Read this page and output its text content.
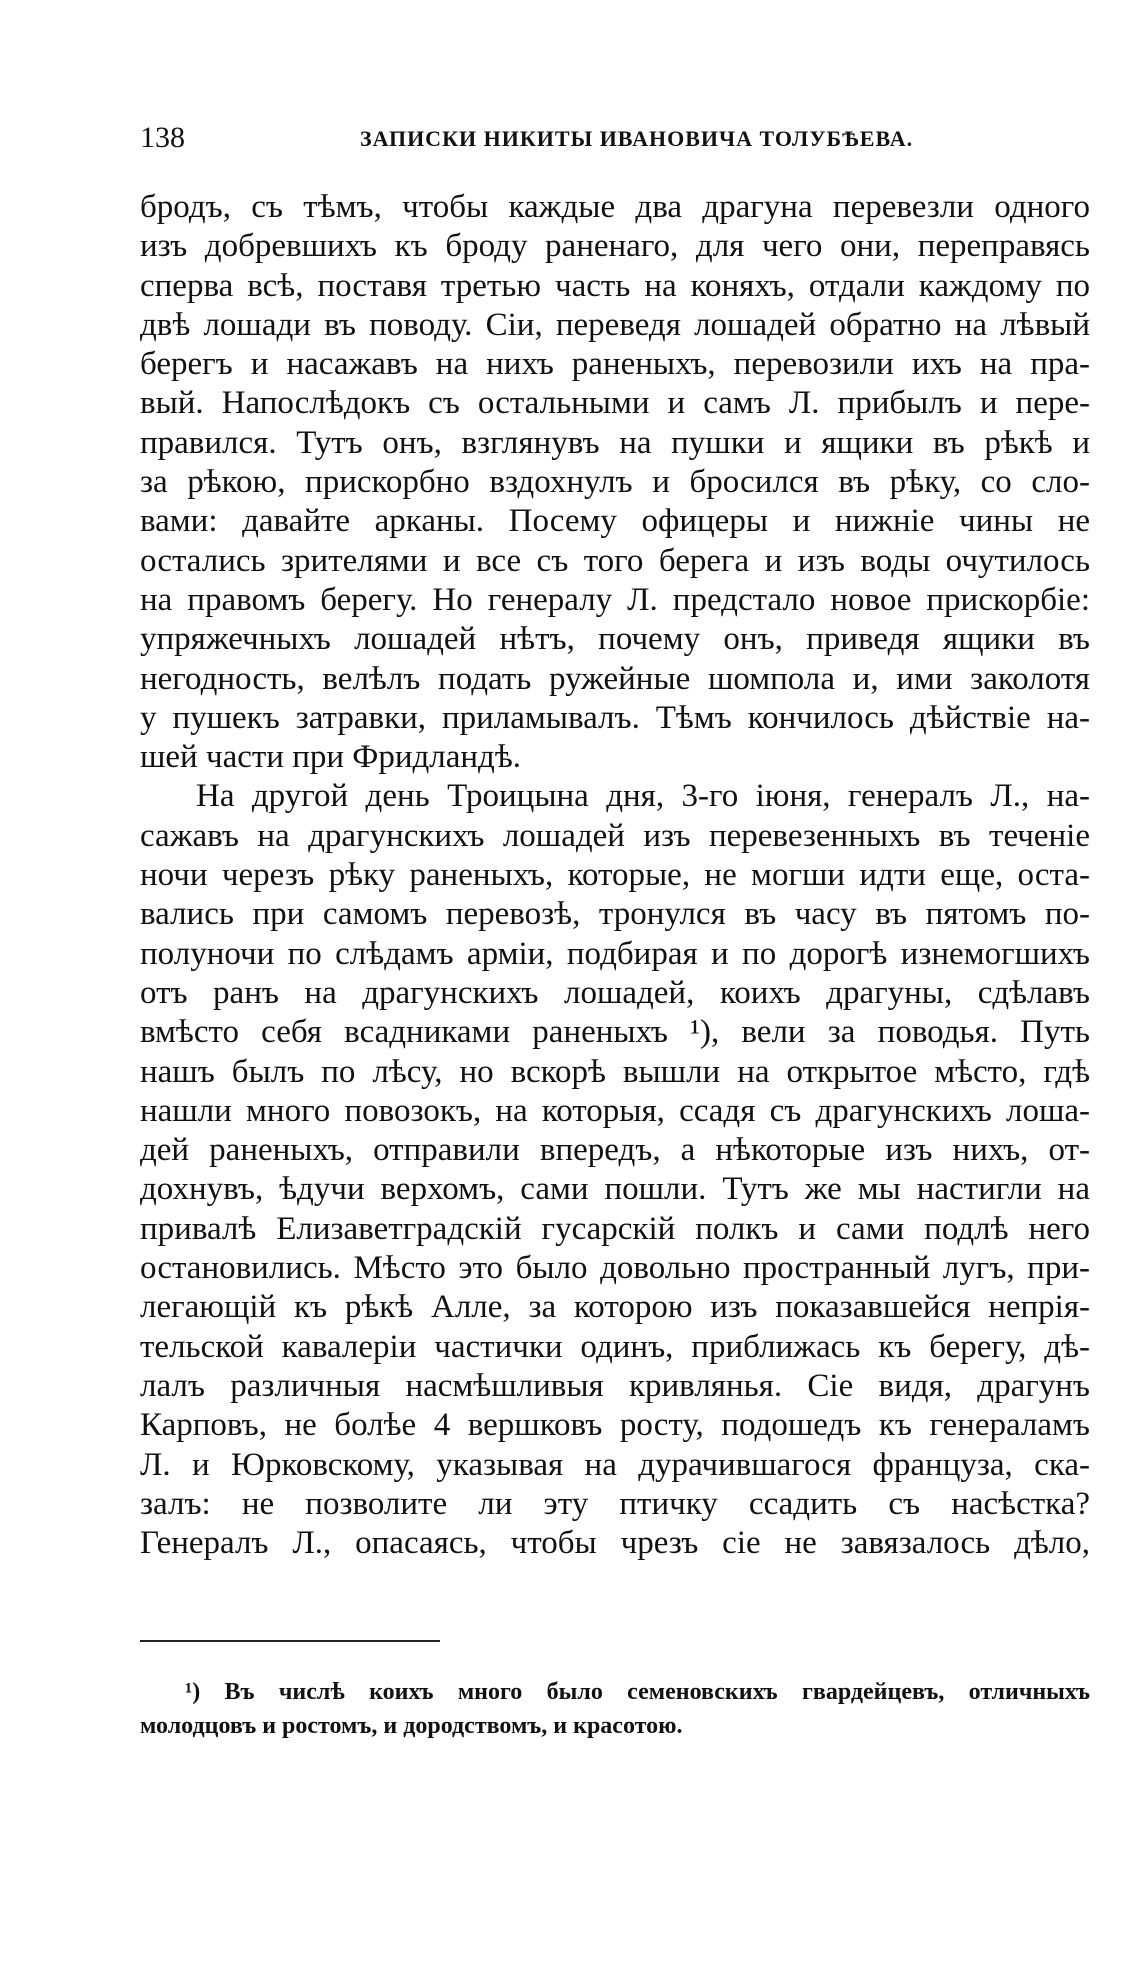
138	ЗАПИСКИ НИКИТЫ ИВАНОВИЧА ТОЛУБѢЕВА.
бродъ, съ тѣмъ, чтобы каждые два драгуна перевезли одного
изъ добревшихъ къ броду раненаго, для чего они, переправясь
сперва всѣ, поставя третью часть на коняхъ, отдали каждому по
двѣ лошади въ поводу. Сіи, переведя лошадей обратно на лѣвый
берегъ и насажавъ на нихъ раненыхъ, перевозили ихъ на пра-
вый. Напослѣдокъ съ остальными и самъ Л. прибылъ и пере-
правился. Тутъ онъ, взглянувъ на пушки и ящики въ рѣкѣ и
за рѣкою, прискорбно вздохнулъ и бросился въ рѣку, со сло-
вами: давайте арканы. Посему офицеры и нижніе чины не
остались зрителями и все съ того берега и изъ воды очутилось
на правомъ берегу. Но генералу Л. предстало новое прискорбіе:
упряжечныхъ лошадей нѣтъ, почему онъ, приведя ящики въ
негодность, велѣлъ подать ружейные шомпола и, ими заколотя
у пушекъ затравки, приламывалъ. Тѣмъ кончилось дѣйствіе на-
шей части при Фридландѣ.
На другой день Троицына дня, 3-го іюня, генералъ Л., на-
сажавъ на драгунскихъ лошадей изъ перевезенныхъ въ теченіе
ночи черезъ рѣку раненыхъ, которые, не могши идти еще, оста-
вались при самомъ перевозѣ, тронулся въ часу въ пятомъ по-
полуночи по слѣдамъ арміи, подбирая и по дорогѣ изнемогшихъ
отъ ранъ на драгунскихъ лошадей, коихъ драгуны, сдѣлавъ
вмѣсто себя всадниками раненыхъ ¹), вели за поводья. Путь
нашъ былъ по лѣсу, но вскорѣ вышли на открытое мѣсто, гдѣ
нашли много повозокъ, на которыя, ссадя съ драгунскихъ лоша-
дей раненыхъ, отправили впередъ, а нѣкоторые изъ нихъ, от-
дохнувъ, ѣдучи верхомъ, сами пошли. Тутъ же мы настигли на
привалѣ Елизаветградскій гусарскій полкъ и сами подлѣ него
остановились. Мѣсто это было довольно пространный лугъ, при-
легающій къ рѣкѣ Алле, за которою изъ показавшейся непрія-
тельской кавалеріи частички одинъ, приближась къ берегу, дѣ-
лалъ различныя насмѣшливыя кривлянья. Сіе видя, драгунъ
Карповъ, не болѣе 4 вершковъ росту, подошедъ къ генераламъ
Л. и Юрковскому, указывая на дурачившагося француза, ска-
залъ: не позволите ли эту птичку ссадить съ насѣстка?
Генералъ Л., опасаясь, чтобы чрезъ сіе не завязалось дѣло,
¹) Въ числѣ коихъ много было семеновскихъ гвардейцевъ, отличныхъ
молодцовъ и ростомъ, и дородствомъ, и красотою.
